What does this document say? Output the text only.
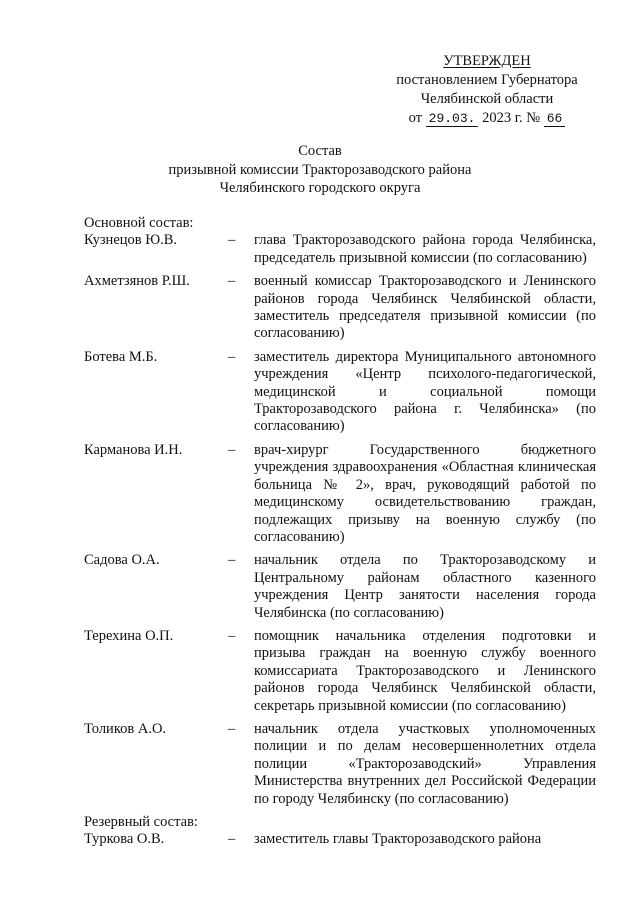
УТВЕРЖДЕН
постановлением Губернатора
Челябинской области
от 29.03. 2023 г. № 66
Состав
призывной комиссии Тракторозаводского района
Челябинского городского округа
Основной состав:
Кузнецов Ю.В.	–	глава Тракторозаводского района города Челябинска, председатель призывной комиссии (по согласованию)
Ахметзянов Р.Ш.	–	военный комиссар Тракторозаводского и Ленинского районов города Челябинск Челябинской области, заместитель председателя призывной комиссии (по согласованию)
Ботева М.Б.	–	заместитель директора Муниципального автономного учреждения «Центр психолого-педагогической, медицинской и социальной помощи Тракторозаводского района г. Челябинска» (по согласованию)
Карманова И.Н.	–	врач-хирург Государственного бюджетного учреждения здравоохранения «Областная клиническая больница № 2», врач, руководящий работой по медицинскому освидетельствованию граждан, подлежащих призыву на военную службу (по согласованию)
Садова О.А.	–	начальник отдела по Тракторозаводскому и Центральному районам областного казенного учреждения Центр занятости населения города Челябинска (по согласованию)
Терехина О.П.	–	помощник начальника отделения подготовки и призыва граждан на военную службу военного комиссариата Тракторозаводского и Ленинского районов города Челябинск Челябинской области, секретарь призывной комиссии (по согласованию)
Толиков А.О.	–	начальник отдела участковых уполномоченных полиции и по делам несовершеннолетних отдела полиции «Тракторозаводский» Управления Министерства внутренних дел Российской Федерации по городу Челябинску (по согласованию)
Резервный состав:
Туркова О.В.	–	заместитель главы Тракторозаводского района
